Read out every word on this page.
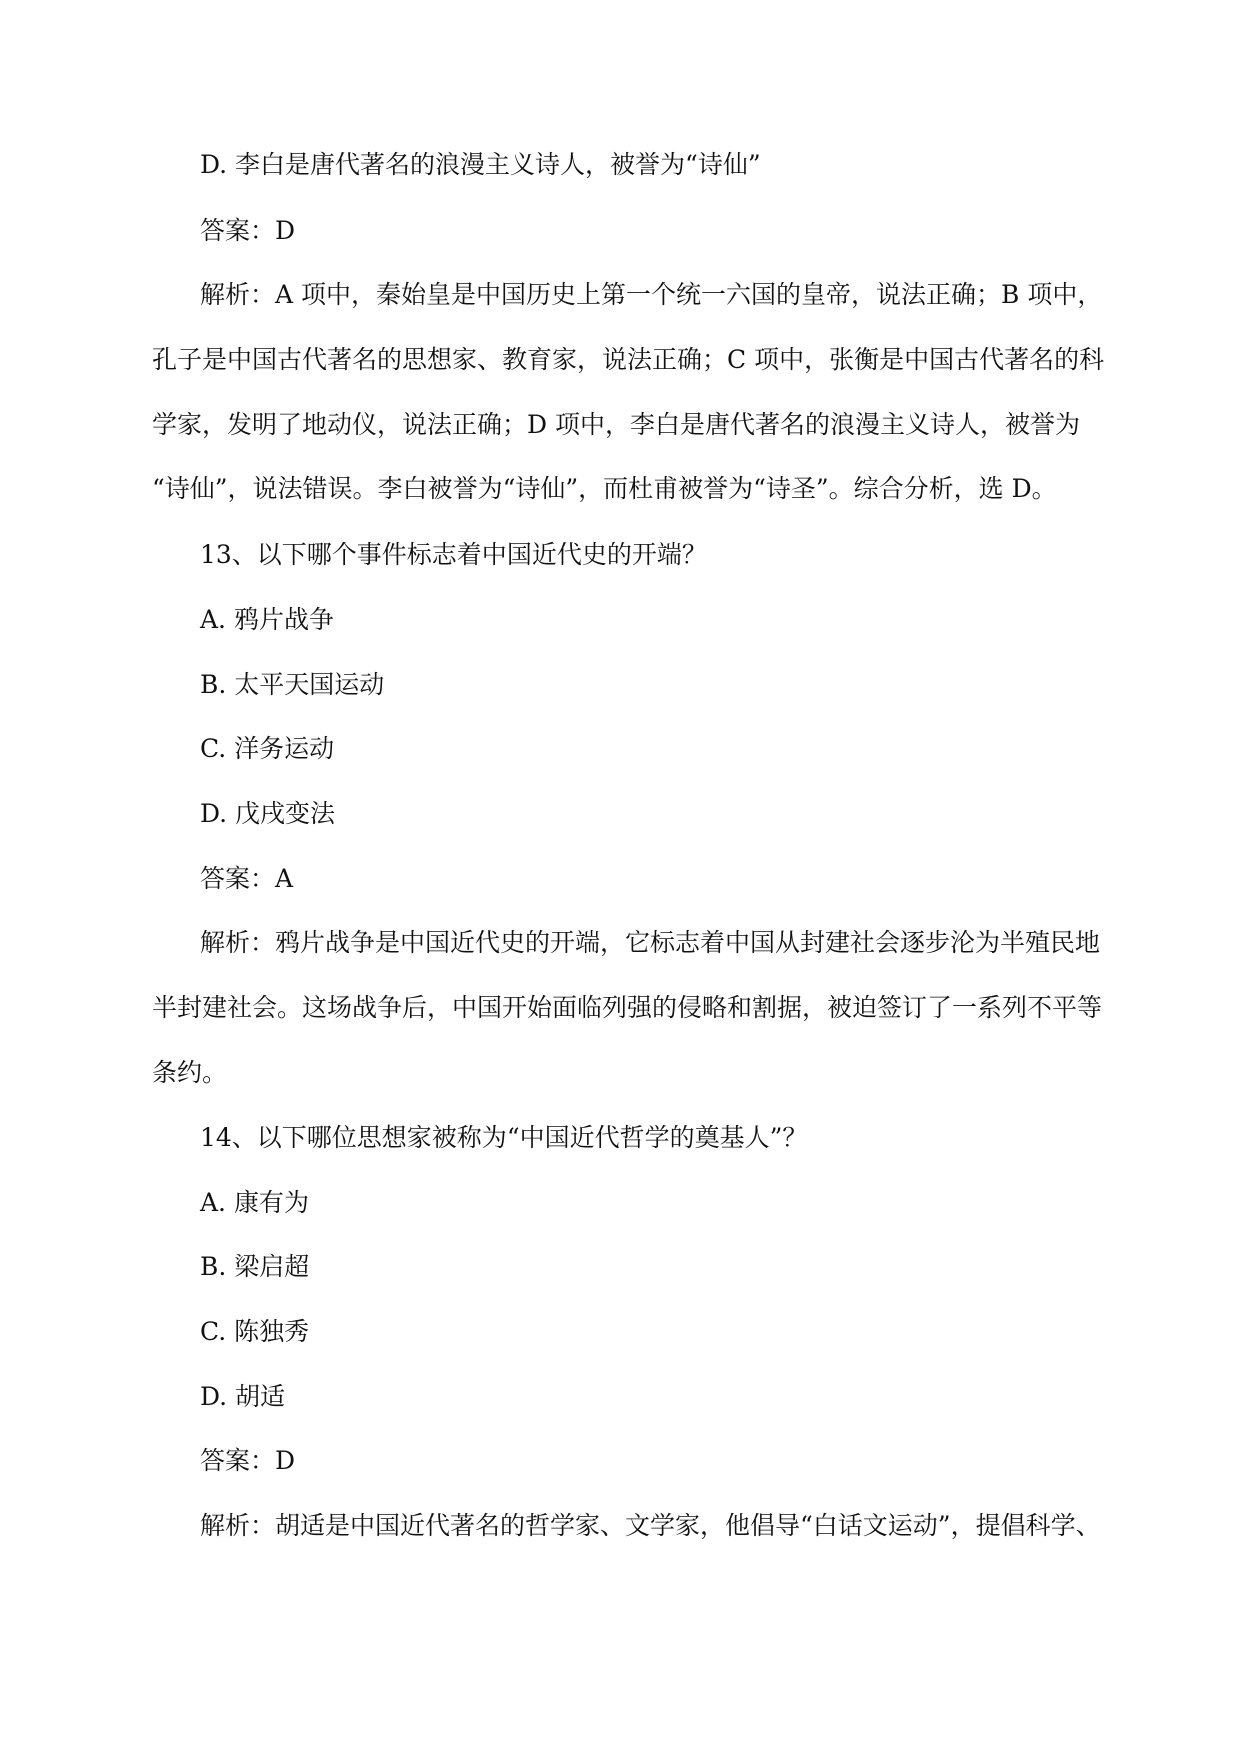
D. 李白是唐代著名的浪漫主义诗人，被誉为“诗仙”
答案：D
解析：A 项中，秦始皇是中国历史上第一个统一六国的皇帝，说法正确；B 项中，
孔子是中国古代著名的思想家、教育家，说法正确；C 项中，张衡是中国古代著名的科
学家，发明了地动仪，说法正确；D 项中，李白是唐代著名的浪漫主义诗人，被誉为
“诗仙”，说法错误。李白被誉为“诗仙”，而杜甫被誉为“诗圣”。综合分析，选 D。
13、以下哪个事件标志着中国近代史的开端？
A. 鸦片战争
B. 太平天国运动
C. 洋务运动
D. 戊戌变法
答案：A
解析：鸦片战争是中国近代史的开端，它标志着中国从封建社会逐步沦为半殖民地
半封建社会。这场战争后，中国开始面临列强的侵略和割据，被迫签订了一系列不平等
条约。
14、以下哪位思想家被称为“中国近代哲学的奠基人”？
A. 康有为
B. 梁启超
C. 陈独秀
D. 胡适
答案：D
解析：胡适是中国近代著名的哲学家、文学家，他倡导“白话文运动”，提倡科学、
